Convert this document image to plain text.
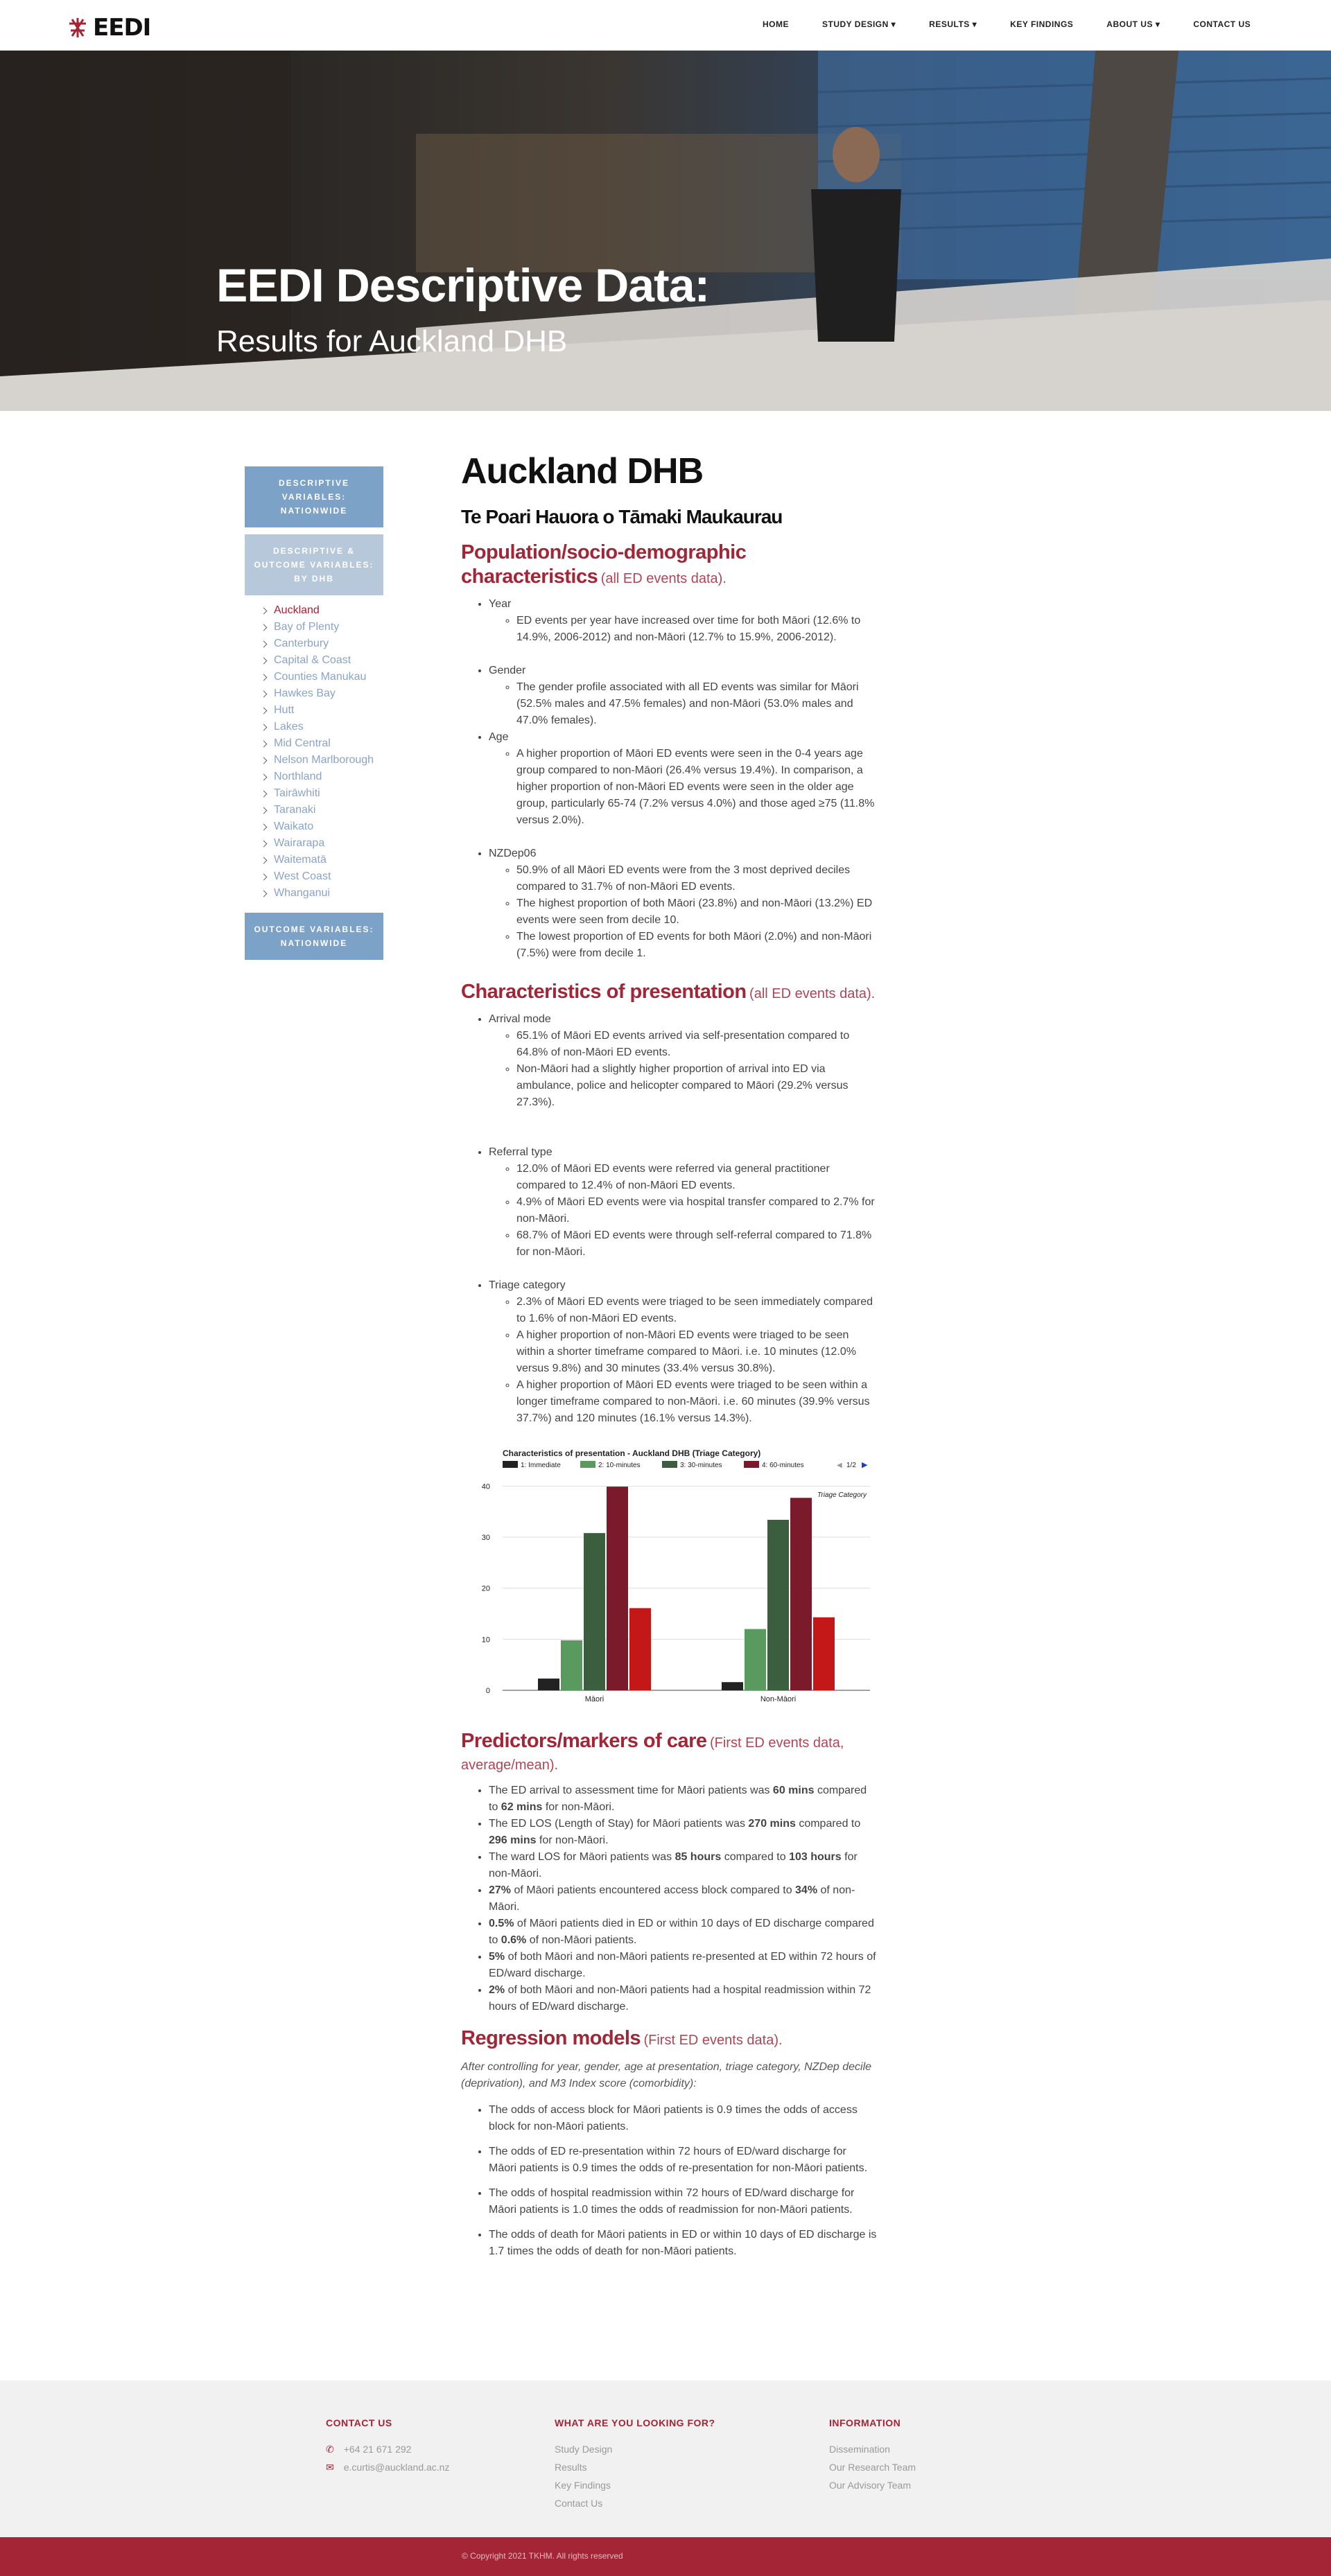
EEDI	HOME	STUDY DESIGN ▾	RESULTS ▾	KEY FINDINGS	ABOUT US ▾	CONTACT US
EEDI Descriptive Data:
Results for Auckland DHB
DESCRIPTIVE VARIABLES: NATIONWIDE
DESCRIPTIVE & OUTCOME VARIABLES: BY DHB
Auckland
Bay of Plenty
Canterbury
Capital & Coast
Counties Manukau
Hawkes Bay
Hutt
Lakes
Mid Central
Nelson Marlborough
Northland
Tairāwhiti
Taranaki
Waikato
Wairarapa
Waitematā
West Coast
Whanganui
OUTCOME VARIABLES: NATIONWIDE
Auckland DHB
Te Poari Hauora o Tāmaki Maukaurau
Population/socio-demographic characteristics (all ED events data).
• Year
◦ ED events per year have increased over time for both Māori (12.6% to 14.9%, 2006-2012) and non-Māori (12.7% to 15.9%, 2006-2012).
• Gender
◦ The gender profile associated with all ED events was similar for Māori (52.5% males and 47.5% females) and non-Māori (53.0% males and 47.0% females).
• Age
◦ A higher proportion of Māori ED events were seen in the 0-4 years age group compared to non-Māori (26.4% versus 19.4%). In comparison, a higher proportion of non-Māori ED events were seen in the older age group, particularly 65-74 (7.2% versus 4.0%) and those aged ≥75 (11.8% versus 2.0%).
• NZDep06
◦ 50.9% of all Māori ED events were from the 3 most deprived deciles compared to 31.7% of non-Māori ED events.
◦ The highest proportion of both Māori (23.8%) and non-Māori (13.2%) ED events were seen from decile 10.
◦ The lowest proportion of ED events for both Māori (2.0%) and non-Māori (7.5%) were from decile 1.
Characteristics of presentation (all ED events data).
• Arrival mode
◦ 65.1% of Māori ED events arrived via self-presentation compared to 64.8% of non-Māori ED events.
◦ Non-Māori had a slightly higher proportion of arrival into ED via ambulance, police and helicopter compared to Māori (29.2% versus 27.3%).
• Referral type
◦ 12.0% of Māori ED events were referred via general practitioner compared to 12.4% of non-Māori ED events.
◦ 4.9% of Māori ED events were via hospital transfer compared to 2.7% for non-Māori.
◦ 68.7% of Māori ED events were through self-referral compared to 71.8% for non-Māori.
• Triage category
◦ 2.3% of Māori ED events were triaged to be seen immediately compared to 1.6% of non-Māori ED events.
◦ A higher proportion of non-Māori ED events were triaged to be seen within a shorter timeframe compared to Māori. i.e. 10 minutes (12.0% versus 9.8%) and 30 minutes (33.4% versus 30.8%).
◦ A higher proportion of Māori ED events were triaged to be seen within a longer timeframe compared to non-Māori. i.e. 60 minutes (39.9% versus 37.7%) and 120 minutes (16.1% versus 14.3%).
Characteristics of presentation - Auckland DHB (Triage Category)
1: Immediate	2: 10-minutes	3: 30-minutes	4: 60-minutes	◀ 1/2 ▶
Triage Category
0
10
20
30
40
Māori	Non-Māori
Predictors/markers of care (First ED events data, average/mean).
• The ED arrival to assessment time for Māori patients was 60 mins compared to 62 mins for non-Māori.
• The ED LOS (Length of Stay) for Māori patients was 270 mins compared to 296 mins for non-Māori.
• The ward LOS for Māori patients was 85 hours compared to 103 hours for non-Māori.
• 27% of Māori patients encountered access block compared to 34% of non-Māori.
• 0.5% of Māori patients died in ED or within 10 days of ED discharge compared to 0.6% of non-Māori patients.
• 5% of both Māori and non-Māori patients re-presented at ED within 72 hours of ED/ward discharge.
• 2% of both Māori and non-Māori patients had a hospital readmission within 72 hours of ED/ward discharge.
Regression models (First ED events data).

After controlling for year, gender, age at presentation, triage category, NZDep decile (deprivation), and M3 Index score (comorbidity):

• The odds of access block for Māori patients is 0.9 times the odds of access block for non-Māori patients.
• The odds of ED re-presentation within 72 hours of ED/ward discharge for Māori patients is 0.9 times the odds of re-presentation for non-Māori patients.
• The odds of hospital readmission within 72 hours of ED/ward discharge for Māori patients is 1.0 times the odds of readmission for non-Māori patients.
• The odds of death for Māori patients in ED or within 10 days of ED discharge is 1.7 times the odds of death for non-Māori patients.
CONTACT US
✆ +64 21 671 292
✉ e.curtis@auckland.ac.nz
WHAT ARE YOU LOOKING FOR?
Study Design
Results
Key Findings
Contact Us
INFORMATION
Dissemination
Our Research Team
Our Advisory Team
© Copyright 2021 TKHM. All rights reserved
